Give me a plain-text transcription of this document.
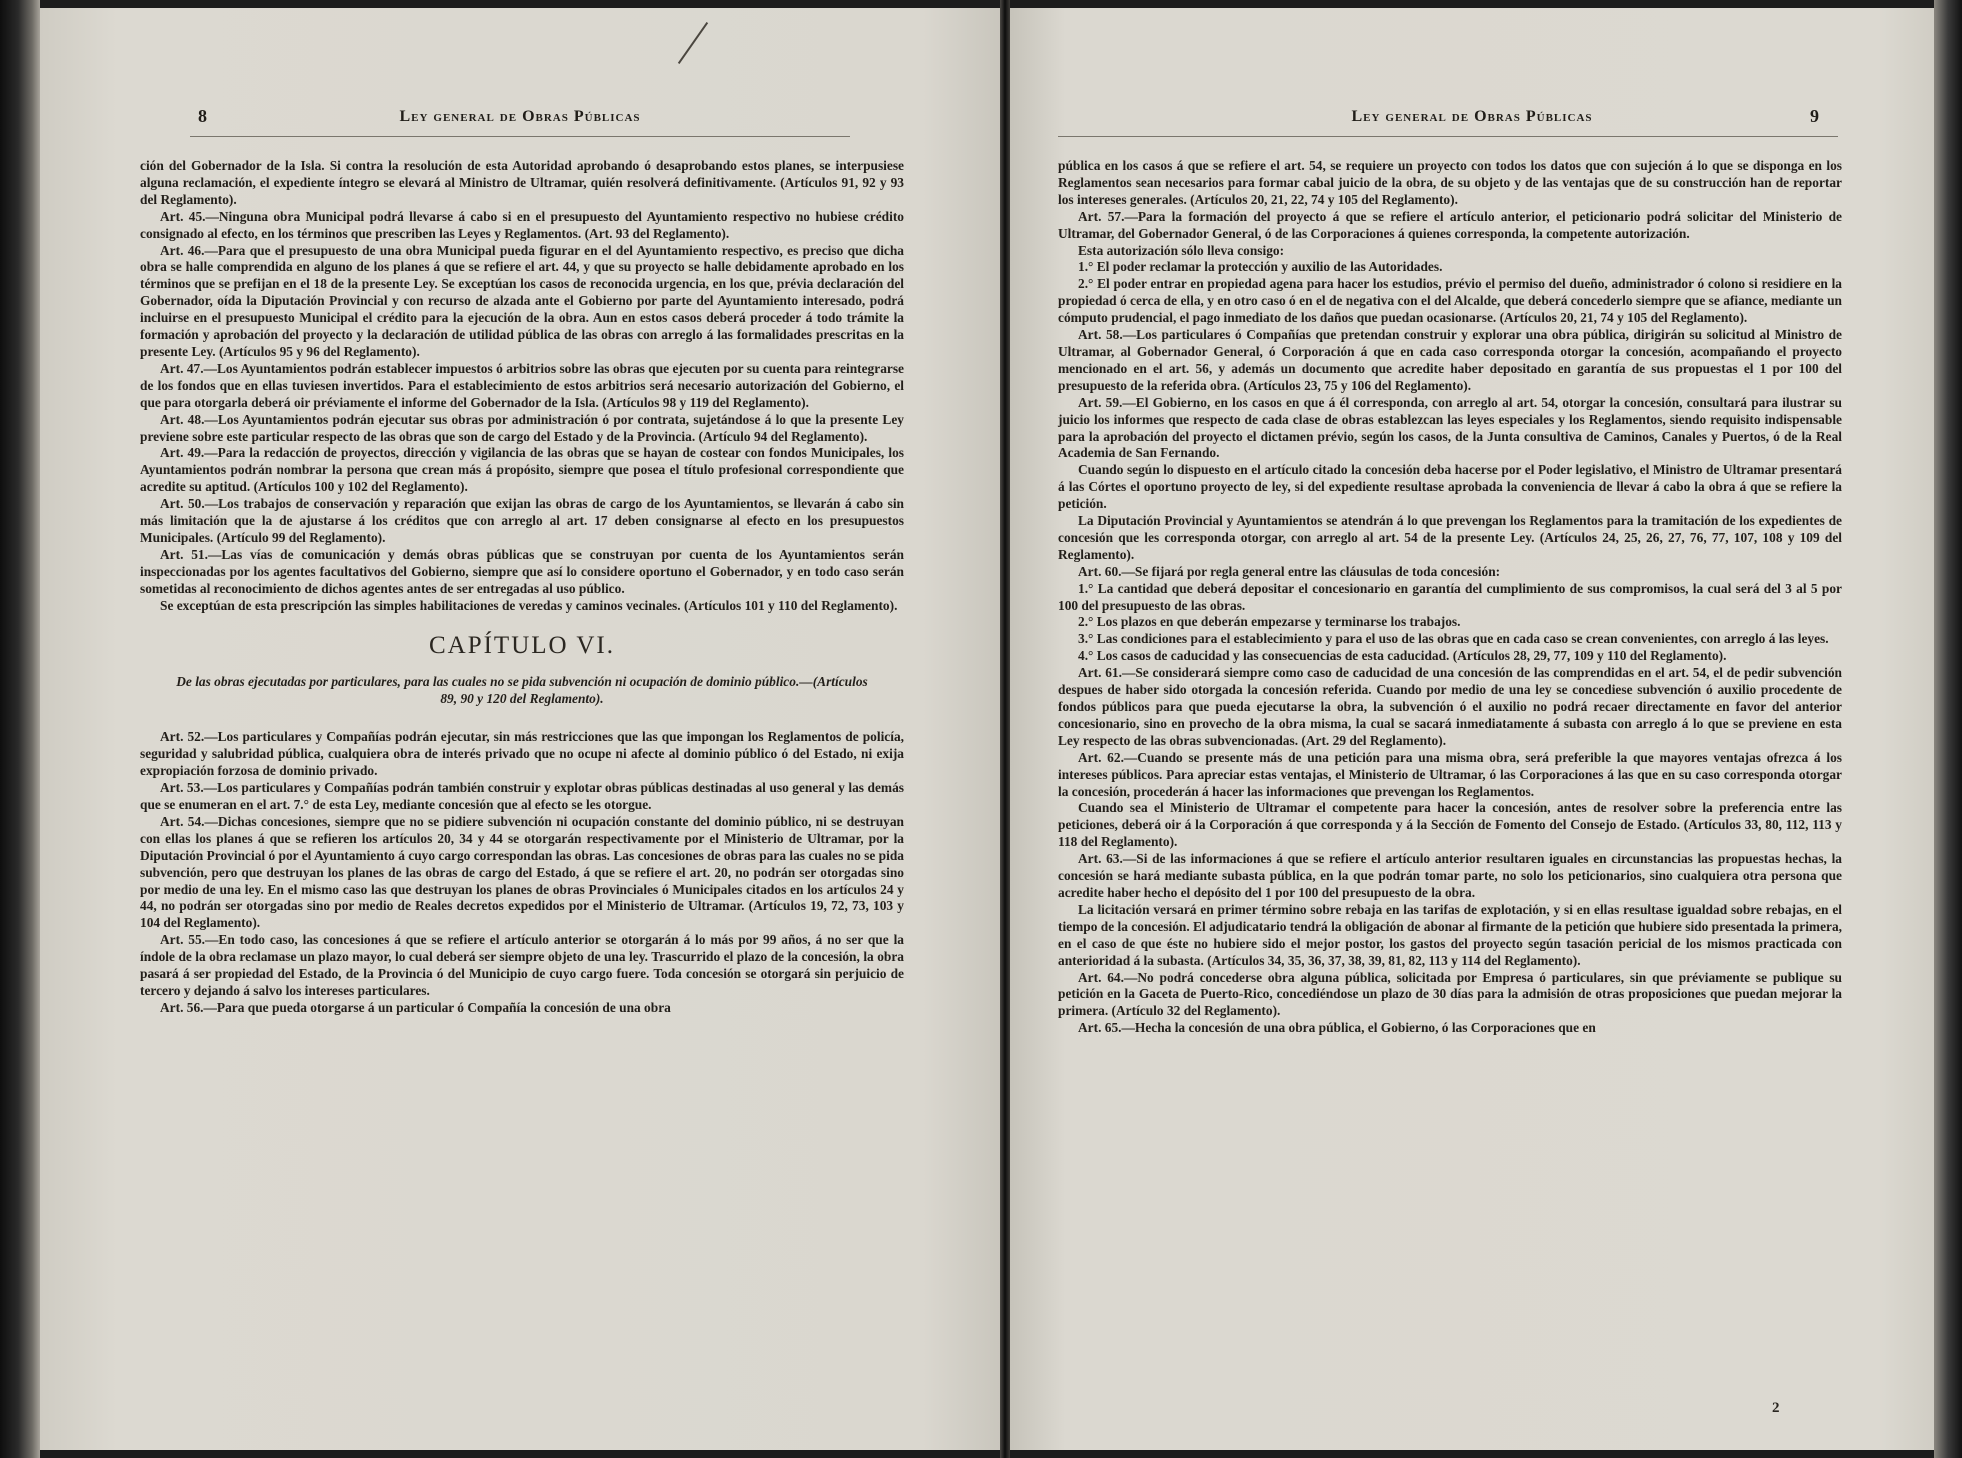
8	Ley general de Obras Públicas

ción del Gobernador de la Isla. Si contra la resolución de esta Autoridad aprobando ó desaprobando estos planes, se interpusiese alguna reclamación, el expediente íntegro se elevará al Ministro de Ultramar, quién resolverá definitivamente. (Artículos 91, 92 y 93 del Reglamento).

Art. 45.—Ninguna obra Municipal podrá llevarse á cabo si en el presupuesto del Ayuntamiento respectivo no hubiese crédito consignado al efecto, en los términos que prescriben las Leyes y Reglamentos. (Art. 93 del Reglamento).

Art. 46.—Para que el presupuesto de una obra Municipal pueda figurar en el del Ayuntamiento respectivo, es preciso que dicha obra se halle comprendida en alguno de los planes á que se refiere el art. 44, y que su proyecto se halle debidamente aprobado en los términos que se prefijan en el 18 de la presente Ley. Se exceptúan los casos de reconocida urgencia, en los que, prévia declaración del Gobernador, oída la Diputación Provincial y con recurso de alzada ante el Gobierno por parte del Ayuntamiento interesado, podrá incluirse en el presupuesto Municipal el crédito para la ejecución de la obra. Aun en estos casos deberá proceder á todo trámite la formación y aprobación del proyecto y la declaración de utilidad pública de las obras con arreglo á las formalidades prescritas en la presente Ley. (Artículos 95 y 96 del Reglamento).

Art. 47.—Los Ayuntamientos podrán establecer impuestos ó arbitrios sobre las obras que ejecuten por su cuenta para reintegrarse de los fondos que en ellas tuviesen invertidos. Para el establecimiento de estos arbitrios será necesario autorización del Gobierno, el que para otorgarla deberá oir préviamente el informe del Gobernador de la Isla. (Artículos 98 y 119 del Reglamento).

Art. 48.—Los Ayuntamientos podrán ejecutar sus obras por administración ó por contrata, sujetándose á lo que la presente Ley previene sobre este particular respecto de las obras que son de cargo del Estado y de la Provincia. (Artículo 94 del Reglamento).

Art. 49.—Para la redacción de proyectos, dirección y vigilancia de las obras que se hayan de costear con fondos Municipales, los Ayuntamientos podrán nombrar la persona que crean más á propósito, siempre que posea el título profesional correspondiente que acredite su aptitud. (Artículos 100 y 102 del Reglamento).

Art. 50.—Los trabajos de conservación y reparación que exijan las obras de cargo de los Ayuntamientos, se llevarán á cabo sin más limitación que la de ajustarse á los créditos que con arreglo al art. 17 deben consignarse al efecto en los presupuestos Municipales. (Artículo 99 del Reglamento).

Art. 51.—Las vías de comunicación y demás obras públicas que se construyan por cuenta de los Ayuntamientos serán inspeccionadas por los agentes facultativos del Gobierno, siempre que así lo considere oportuno el Gobernador, y en todo caso serán sometidas al reconocimiento de dichos agentes antes de ser entregadas al uso público.

Se exceptúan de esta prescripción las simples habilitaciones de veredas y caminos vecinales. (Artículos 101 y 110 del Reglamento).

CAPÍTULO VI.
De las obras ejecutadas por particulares, para las cuales no se pida subvención ni ocupación de dominio público.—(Artículos 89, 90 y 120 del Reglamento).

Art. 52.—Los particulares y Compañías podrán ejecutar, sin más restricciones que las que impongan los Reglamentos de policía, seguridad y salubridad pública, cualquiera obra de interés privado que no ocupe ni afecte al dominio público ó del Estado, ni exija expropiación forzosa de dominio privado.

Art. 53.—Los particulares y Compañías podrán también construir y explotar obras públicas destinadas al uso general y las demás que se enumeran en el art. 7.° de esta Ley, mediante concesión que al efecto se les otorgue.

Art. 54.—Dichas concesiones, siempre que no se pidiere subvención ni ocupación constante del dominio público, ni se destruyan con ellas los planes á que se refieren los artículos 20, 34 y 44 se otorgarán respectivamente por el Ministerio de Ultramar, por la Diputación Provincial ó por el Ayuntamiento á cuyo cargo correspondan las obras. Las concesiones de obras para las cuales no se pida subvención, pero que destruyan los planes de las obras de cargo del Estado, á que se refiere el art. 20, no podrán ser otorgadas sino por medio de una ley. En el mismo caso las que destruyan los planes de obras Provinciales ó Municipales citados en los artículos 24 y 44, no podrán ser otorgadas sino por medio de Reales decretos expedidos por el Ministerio de Ultramar. (Artículos 19, 72, 73, 103 y 104 del Reglamento).

Art. 55.—En todo caso, las concesiones á que se refiere el artículo anterior se otorgarán á lo más por 99 años, á no ser que la índole de la obra reclamase un plazo mayor, lo cual deberá ser siempre objeto de una ley. Trascurrido el plazo de la concesión, la obra pasará á ser propiedad del Estado, de la Provincia ó del Municipio de cuyo cargo fuere. Toda concesión se otorgará sin perjuicio de tercero y dejando á salvo los intereses particulares.

Art. 56.—Para que pueda otorgarse á un particular ó Compañía la concesión de una obra

Ley general de Obras Públicas	9

pública en los casos á que se refiere el art. 54, se requiere un proyecto con todos los datos que con sujeción á lo que se disponga en los Reglamentos sean necesarios para formar cabal juicio de la obra, de su objeto y de las ventajas que de su construcción han de reportar los intereses generales. (Artículos 20, 21, 22, 74 y 105 del Reglamento).

Art. 57.—Para la formación del proyecto á que se refiere el artículo anterior, el peticionario podrá solicitar del Ministerio de Ultramar, del Gobernador General, ó de las Corporaciones á quienes corresponda, la competente autorización.

Esta autorización sólo lleva consigo:

1.° El poder reclamar la protección y auxilio de las Autoridades.

2.° El poder entrar en propiedad agena para hacer los estudios, prévio el permiso del dueño, administrador ó colono si residiere en la propiedad ó cerca de ella, y en otro caso ó en el de negativa con el del Alcalde, que deberá concederlo siempre que se afiance, mediante un cómputo prudencial, el pago inmediato de los daños que puedan ocasionarse. (Artículos 20, 21, 74 y 105 del Reglamento).

Art. 58.—Los particulares ó Compañías que pretendan construir y explorar una obra pública, dirigirán su solicitud al Ministro de Ultramar, al Gobernador General, ó Corporación á que en cada caso corresponda otorgar la concesión, acompañando el proyecto mencionado en el art. 56, y además un documento que acredite haber depositado en garantía de sus propuestas el 1 por 100 del presupuesto de la referida obra. (Artículos 23, 75 y 106 del Reglamento).

Art. 59.—El Gobierno, en los casos en que á él corresponda, con arreglo al art. 54, otorgar la concesión, consultará para ilustrar su juicio los informes que respecto de cada clase de obras establezcan las leyes especiales y los Reglamentos, siendo requisito indispensable para la aprobación del proyecto el dictamen prévio, según los casos, de la Junta consultiva de Caminos, Canales y Puertos, ó de la Real Academia de San Fernando.

Cuando según lo dispuesto en el artículo citado la concesión deba hacerse por el Poder legislativo, el Ministro de Ultramar presentará á las Córtes el oportuno proyecto de ley, si del expediente resultase aprobada la conveniencia de llevar á cabo la obra á que se refiere la petición.

La Diputación Provincial y Ayuntamientos se atendrán á lo que prevengan los Reglamentos para la tramitación de los expedientes de concesión que les corresponda otorgar, con arreglo al art. 54 de la presente Ley. (Artículos 24, 25, 26, 27, 76, 77, 107, 108 y 109 del Reglamento).

Art. 60.—Se fijará por regla general entre las cláusulas de toda concesión:

1.° La cantidad que deberá depositar el concesionario en garantía del cumplimiento de sus compromisos, la cual será del 3 al 5 por 100 del presupuesto de las obras.

2.° Los plazos en que deberán empezarse y terminarse los trabajos.

3.° Las condiciones para el establecimiento y para el uso de las obras que en cada caso se crean convenientes, con arreglo á las leyes.

4.° Los casos de caducidad y las consecuencias de esta caducidad. (Artículos 28, 29, 77, 109 y 110 del Reglamento).

Art. 61.—Se considerará siempre como caso de caducidad de una concesión de las comprendidas en el art. 54, el de pedir subvención despues de haber sido otorgada la concesión referida. Cuando por medio de una ley se concediese subvención ó auxilio procedente de fondos públicos para que pueda ejecutarse la obra, la subvención ó el auxilio no podrá recaer directamente en favor del anterior concesionario, sino en provecho de la obra misma, la cual se sacará inmediatamente á subasta con arreglo á lo que se previene en esta Ley respecto de las obras subvencionadas. (Art. 29 del Reglamento).

Art. 62.—Cuando se presente más de una petición para una misma obra, será preferible la que mayores ventajas ofrezca á los intereses públicos. Para apreciar estas ventajas, el Ministerio de Ultramar, ó las Corporaciones á las que en su caso corresponda otorgar la concesión, procederán á hacer las informaciones que prevengan los Reglamentos.

Cuando sea el Ministerio de Ultramar el competente para hacer la concesión, antes de resolver sobre la preferencia entre las peticiones, deberá oir á la Corporación á que corresponda y á la Sección de Fomento del Consejo de Estado. (Artículos 33, 80, 112, 113 y 118 del Reglamento).

Art. 63.—Si de las informaciones á que se refiere el artículo anterior resultaren iguales en circunstancias las propuestas hechas, la concesión se hará mediante subasta pública, en la que podrán tomar parte, no solo los peticionarios, sino cualquiera otra persona que acredite haber hecho el depósito del 1 por 100 del presupuesto de la obra.

La licitación versará en primer término sobre rebaja en las tarifas de explotación, y si en ellas resultase igualdad sobre rebajas, en el tiempo de la concesión. El adjudicatario tendrá la obligación de abonar al firmante de la petición que hubiere sido presentada la primera, en el caso de que éste no hubiere sido el mejor postor, los gastos del proyecto según tasación pericial de los mismos practicada con anterioridad á la subasta. (Artículos 34, 35, 36, 37, 38, 39, 81, 82, 113 y 114 del Reglamento).

Art. 64.—No podrá concederse obra alguna pública, solicitada por Empresa ó particulares, sin que préviamente se publique su petición en la Gaceta de Puerto-Rico, concediéndose un plazo de 30 días para la admisión de otras proposiciones que puedan mejorar la primera. (Artículo 32 del Reglamento).

Art. 65.—Hecha la concesión de una obra pública, el Gobierno, ó las Corporaciones que en

2
